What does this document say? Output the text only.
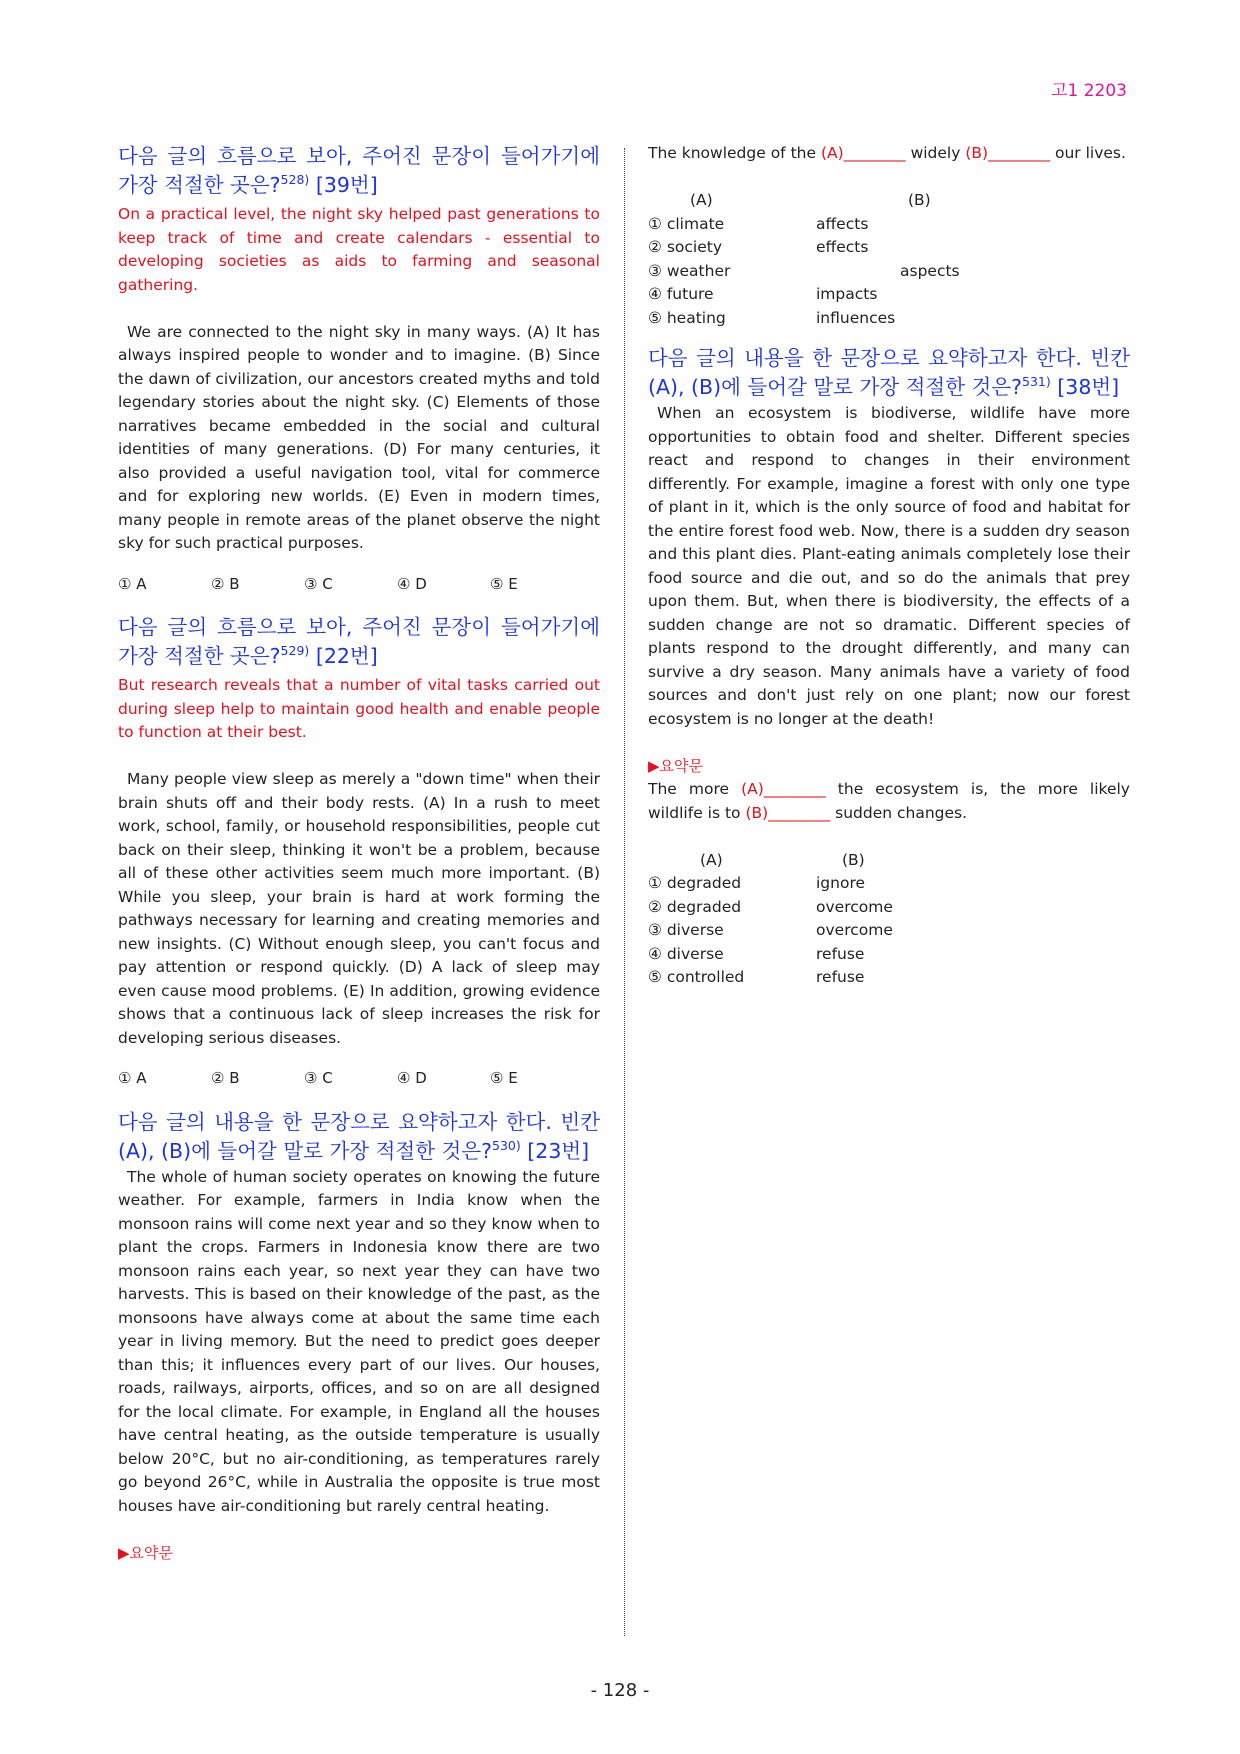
고1 2203
다음 글의 흐름으로 보아, 주어진 문장이 들어가기에 가장 적절한 곳은?$^{528)}$ [39번]
On a practical level, the night sky helped past generations to keep track of time and create calendars - essential to developing societies as aids to farming and seasonal gathering.

We are connected to the night sky in many ways. (A) It has always inspired people to wonder and to imagine. (B) Since the dawn of civilization, our ancestors created myths and told legendary stories about the night sky. (C) Elements of those narratives became embedded in the social and cultural identities of many generations. (D) For many centuries, it also provided a useful navigation tool, vital for commerce and for exploring new worlds. (E) Even in modern times, many people in remote areas of the planet observe the night sky for such practical purposes.

① A	② B	③ C	④ D	⑤ E
다음 글의 흐름으로 보아, 주어진 문장이 들어가기에 가장 적절한 곳은?$^{529)}$ [22번]
But research reveals that a number of vital tasks carried out during sleep help to maintain good health and enable people to function at their best.

Many people view sleep as merely a "down time" when their brain shuts off and their body rests. (A) In a rush to meet work, school, family, or household responsibilities, people cut back on their sleep, thinking it won't be a problem, because all of these other activities seem much more important. (B) While you sleep, your brain is hard at work forming the pathways necessary for learning and creating memories and new insights. (C) Without enough sleep, you can't focus and pay attention or respond quickly. (D) A lack of sleep may even cause mood problems. (E) In addition, growing evidence shows that a continuous lack of sleep increases the risk for developing serious diseases.

① A	② B	③ C	④ D	⑤ E
다음 글의 내용을 한 문장으로 요약하고자 한다. 빈칸 (A), (B)에 들어갈 말로 가장 적절한 것은?$^{530)}$ [23번]

The whole of human society operates on knowing the future weather. For example, farmers in India know when the monsoon rains will come next year and so they know when to plant the crops. Farmers in Indonesia know there are two monsoon rains each year, so next year they can have two harvests. This is based on their knowledge of the past, as the monsoons have always come at about the same time each year in living memory. But the need to predict goes deeper than this; it influences every part of our lives. Our houses, roads, railways, airports, offices, and so on are all designed for the local climate. For example, in England all the houses have central heating, as the outside temperature is usually below 20°C, but no air-conditioning, as temperatures rarely go beyond 26°C, while in Australia the opposite is true most houses have air-conditioning but rarely central heating.

▶요약문

The knowledge of the (A)________ widely (B)________ our lives.

(A)	(B)
① climate	affects
② society	effects
③ weather	aspects
④ future	impacts
⑤ heating	influences
다음 글의 내용을 한 문장으로 요약하고자 한다. 빈칸 (A), (B)에 들어갈 말로 가장 적절한 것은?$^{531)}$ [38번]

When an ecosystem is biodiverse, wildlife have more opportunities to obtain food and shelter. Different species react and respond to changes in their environment differently. For example, imagine a forest with only one type of plant in it, which is the only source of food and habitat for the entire forest food web. Now, there is a sudden dry season and this plant dies. Plant-eating animals completely lose their food source and die out, and so do the animals that prey upon them. But, when there is biodiversity, the effects of a sudden change are not so dramatic. Different species of plants respond to the drought differently, and many can survive a dry season. Many animals have a variety of food sources and don't just rely on one plant; now our forest ecosystem is no longer at the death!

▶요약문

The more (A)________ the ecosystem is, the more likely wildlife is to (B)________ sudden changes.

(A)	(B)
① degraded	ignore
② degraded	overcome
③ diverse	overcome
④ diverse	refuse
⑤ controlled	refuse
- 128 -
